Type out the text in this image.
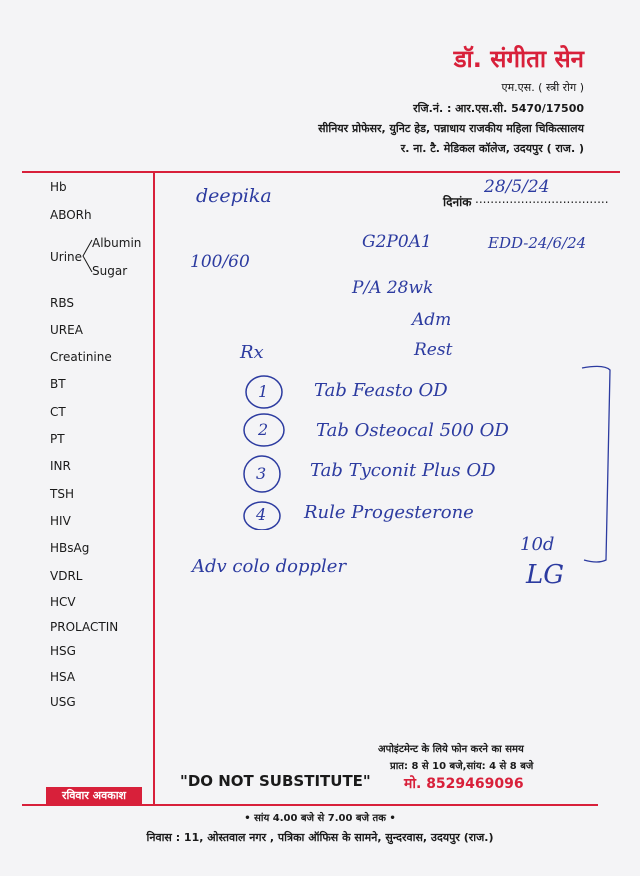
डॉ. संगीता सेन
एम.एस. ( स्त्री रोग )
रजि.नं. : आर.एस.सी. 5470/17500
सीनियर प्रोफेसर, युनिट हेड, पन्नाधाय राजकीय महिला चिकित्सालय
र. ना. टै. मेडिकल कॉलेज, उदयपुर ( राज. )
Hb
ABORh
RBS
UREA
Creatinine
BT
CT
PT
INR
TSH
HIV
HBsAg
VDRL
HCV
PROLACTIN
HSG
HSA
USG
Urine
Albumin
Sugar
दिनांक ...................................
28/5/24
deepika
100/60
G2P0A1	EDD-24/6/24
P/A 28wk
Adm
Rest
Rx
1
2
3
4
Tab Feasto OD
Tab Osteocal 500 OD
Tab Tyconit Plus OD
Rule Progesterone
Adv colo doppler
10d
LG
अपोइंटमेन्ट के लिये फोन करने का समय
प्रात: 8 से 10 बजे,सांय: 4 से 8 बजे
मो. 8529469096
"DO NOT SUBSTITUTE"
रविवार अवकाश
• सांय 4.00 बजे से 7.00 बजे तक •
निवास : 11, ओस्तवाल नगर , पत्रिका ऑफिस के सामने, सुन्दरवास, उदयपुर (राज.)
